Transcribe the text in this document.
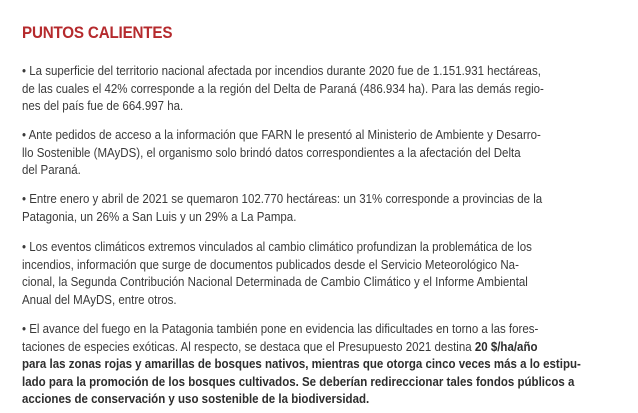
PUNTOS CALIENTES
• La superficie del territorio nacional afectada por incendios durante 2020 fue de 1.151.931 hectáreas,
de las cuales el 42% corresponde a la región del Delta de Paraná (486.934 ha). Para las demás regio-
nes del país fue de 664.997 ha.
• Ante pedidos de acceso a la información que FARN le presentó al Ministerio de Ambiente y Desarro-
llo Sostenible (MAyDS), el organismo solo brindó datos correspondientes a la afectación del Delta
del Paraná.
• Entre enero y abril de 2021 se quemaron 102.770 hectáreas: un 31% corresponde a provincias de la
Patagonia, un 26% a San Luis y un 29% a La Pampa.
• Los eventos climáticos extremos vinculados al cambio climático profundizan la problemática de los
incendios, información que surge de documentos publicados desde el Servicio Meteorológico Na-
cional, la Segunda Contribución Nacional Determinada de Cambio Climático y el Informe Ambiental
Anual del MAyDS, entre otros.
• El avance del fuego en la Patagonia también pone en evidencia las dificultades en torno a las fores-
taciones de especies exóticas. Al respecto, se destaca que el Presupuesto 2021 destina 20 $/ha/año
para las zonas rojas y amarillas de bosques nativos, mientras que otorga cinco veces más a lo estipu-
lado para la promoción de los bosques cultivados. Se deberían redireccionar tales fondos públicos a
acciones de conservación y uso sostenible de la biodiversidad.
